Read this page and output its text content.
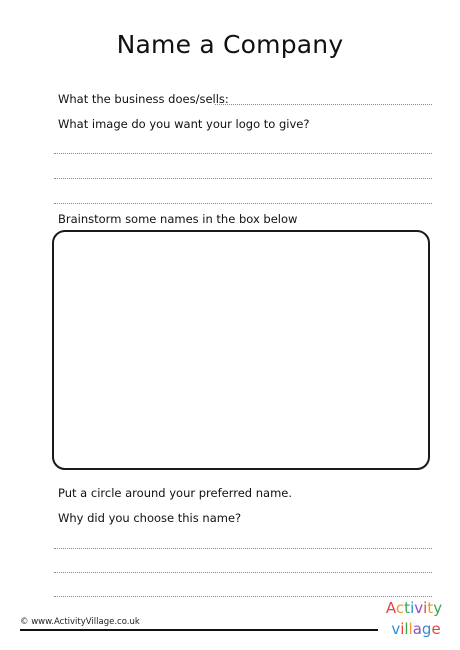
Name a Company
What the business does/sells:
What image do you want your logo to give?
Brainstorm some names in the box below
Put a circle around your preferred name.
Why did you choose this name?
© www.ActivityVillage.co.uk
Activity
village
